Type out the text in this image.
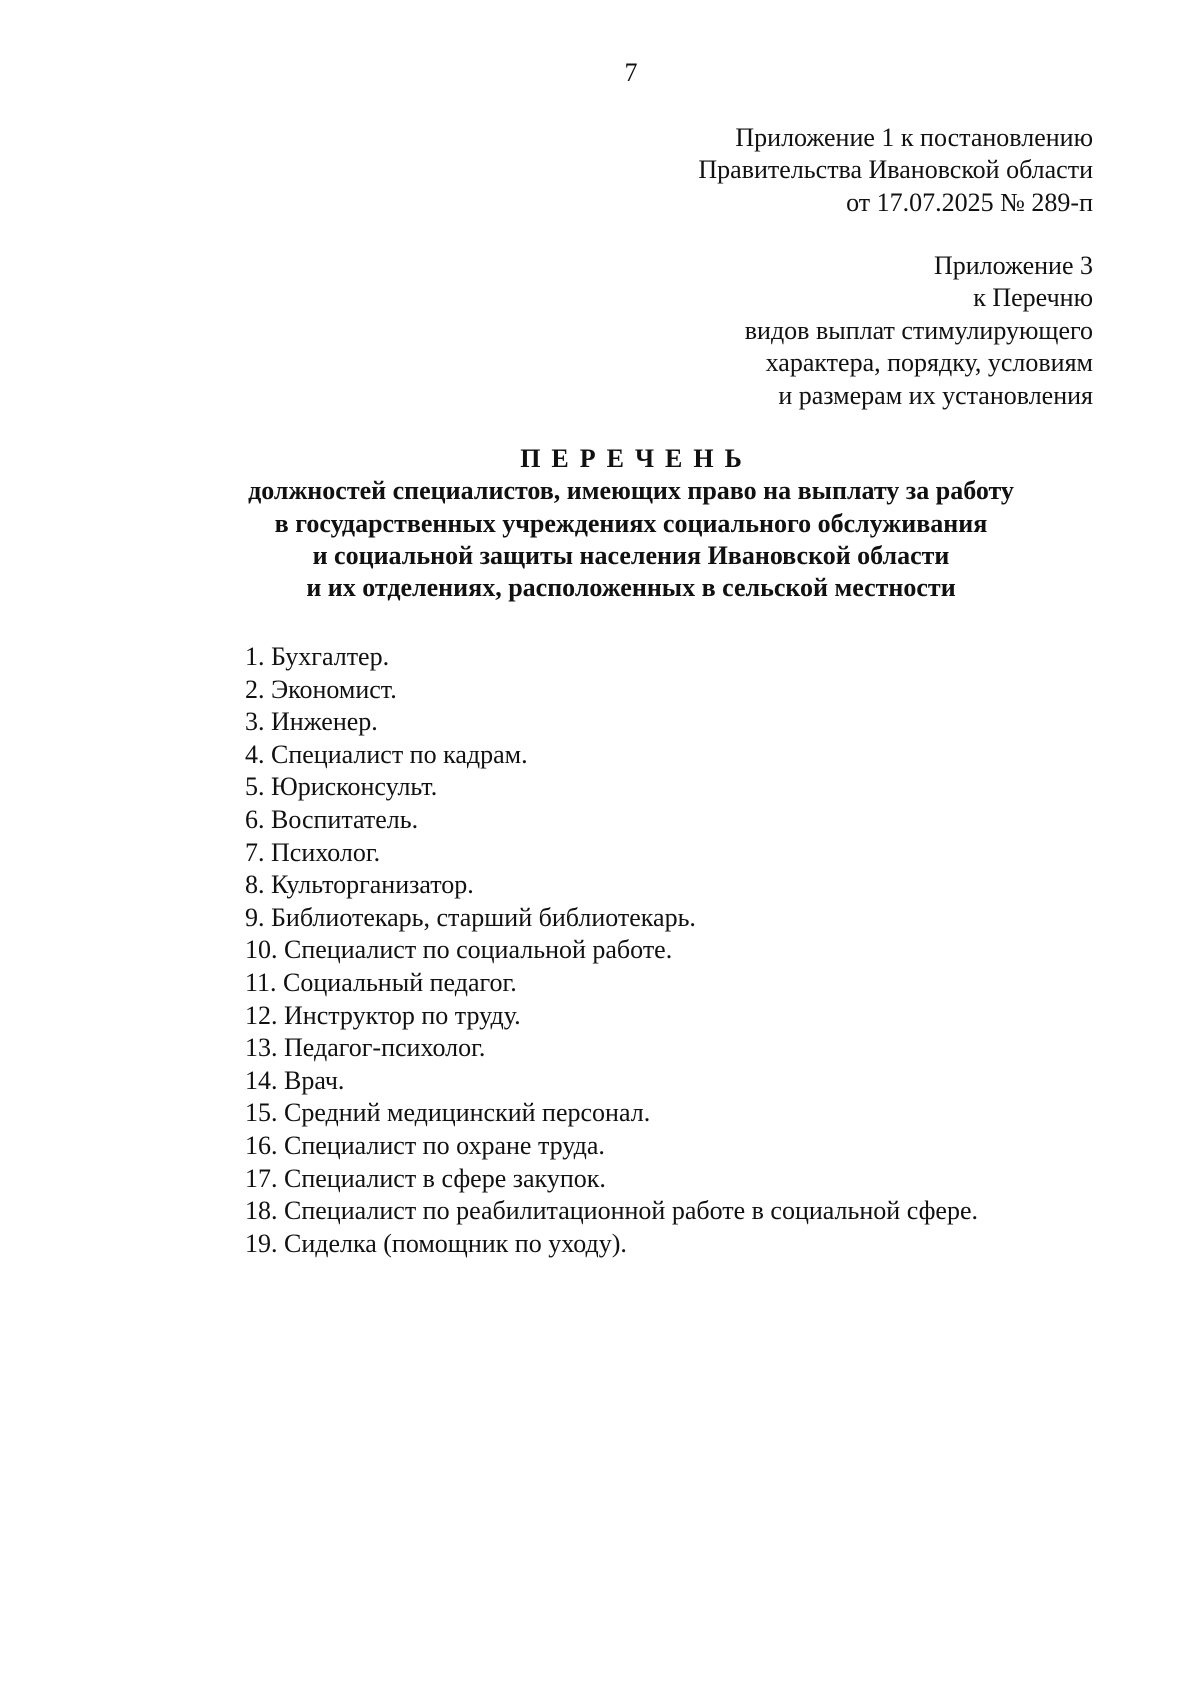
7
Приложение 1 к постановлению
Правительства Ивановской области
от 17.07.2025 № 289-п
Приложение 3
к Перечню
видов выплат стимулирующего
характера, порядку, условиям
и размерам их установления
ПЕРЕЧЕНЬ
должностей специалистов, имеющих право на выплату за работу
в государственных учреждениях социального обслуживания
и социальной защиты населения Ивановской области
и их отделениях, расположенных в сельской местности
1. Бухгалтер.
2. Экономист.
3. Инженер.
4. Специалист по кадрам.
5. Юрисконсульт.
6. Воспитатель.
7. Психолог.
8. Культорганизатор.
9. Библиотекарь, старший библиотекарь.
10. Специалист по социальной работе.
11. Социальный педагог.
12. Инструктор по труду.
13. Педагог-психолог.
14. Врач.
15. Средний медицинский персонал.
16. Специалист по охране труда.
17. Специалист в сфере закупок.
18. Специалист по реабилитационной работе в социальной сфере.
19. Сиделка (помощник по уходу).
